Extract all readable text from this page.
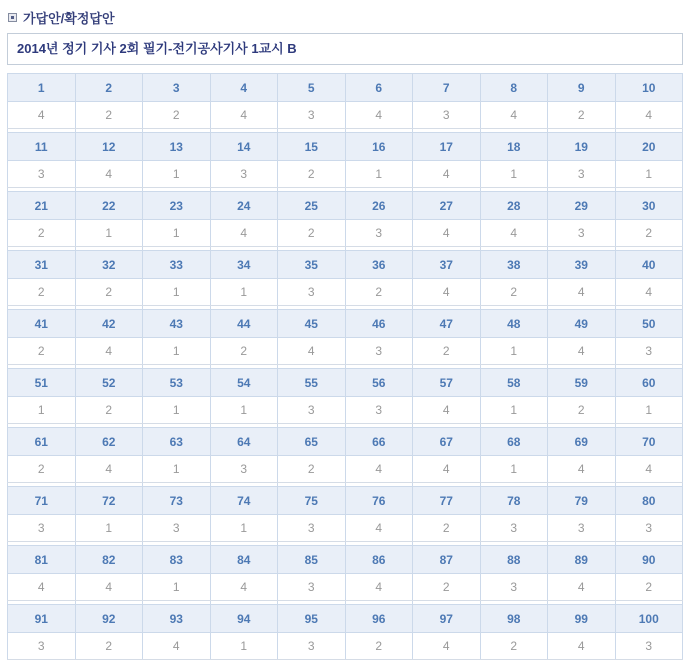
가답안/확정답안
2014년 정기 기사 2회 필기-전기공사기사 1교시 B
1	2	3	4	5	6	7	8	9	10
4	2	2	4	3	4	3	4	2	4

11	12	13	14	15	16	17	18	19	20
3	4	1	3	2	1	4	1	3	1

21	22	23	24	25	26	27	28	29	30
2	1	1	4	2	3	4	4	3	2

31	32	33	34	35	36	37	38	39	40
2	2	1	1	3	2	4	2	4	4

41	42	43	44	45	46	47	48	49	50
2	4	1	2	4	3	2	1	4	3

51	52	53	54	55	56	57	58	59	60
1	2	1	1	3	3	4	1	2	1

61	62	63	64	65	66	67	68	69	70
2	4	1	3	2	4	4	1	4	4

71	72	73	74	75	76	77	78	79	80
3	1	3	1	3	4	2	3	3	3

81	82	83	84	85	86	87	88	89	90
4	4	1	4	3	4	2	3	4	2

91	92	93	94	95	96	97	98	99	100
3	2	4	1	3	2	4	2	4	3
